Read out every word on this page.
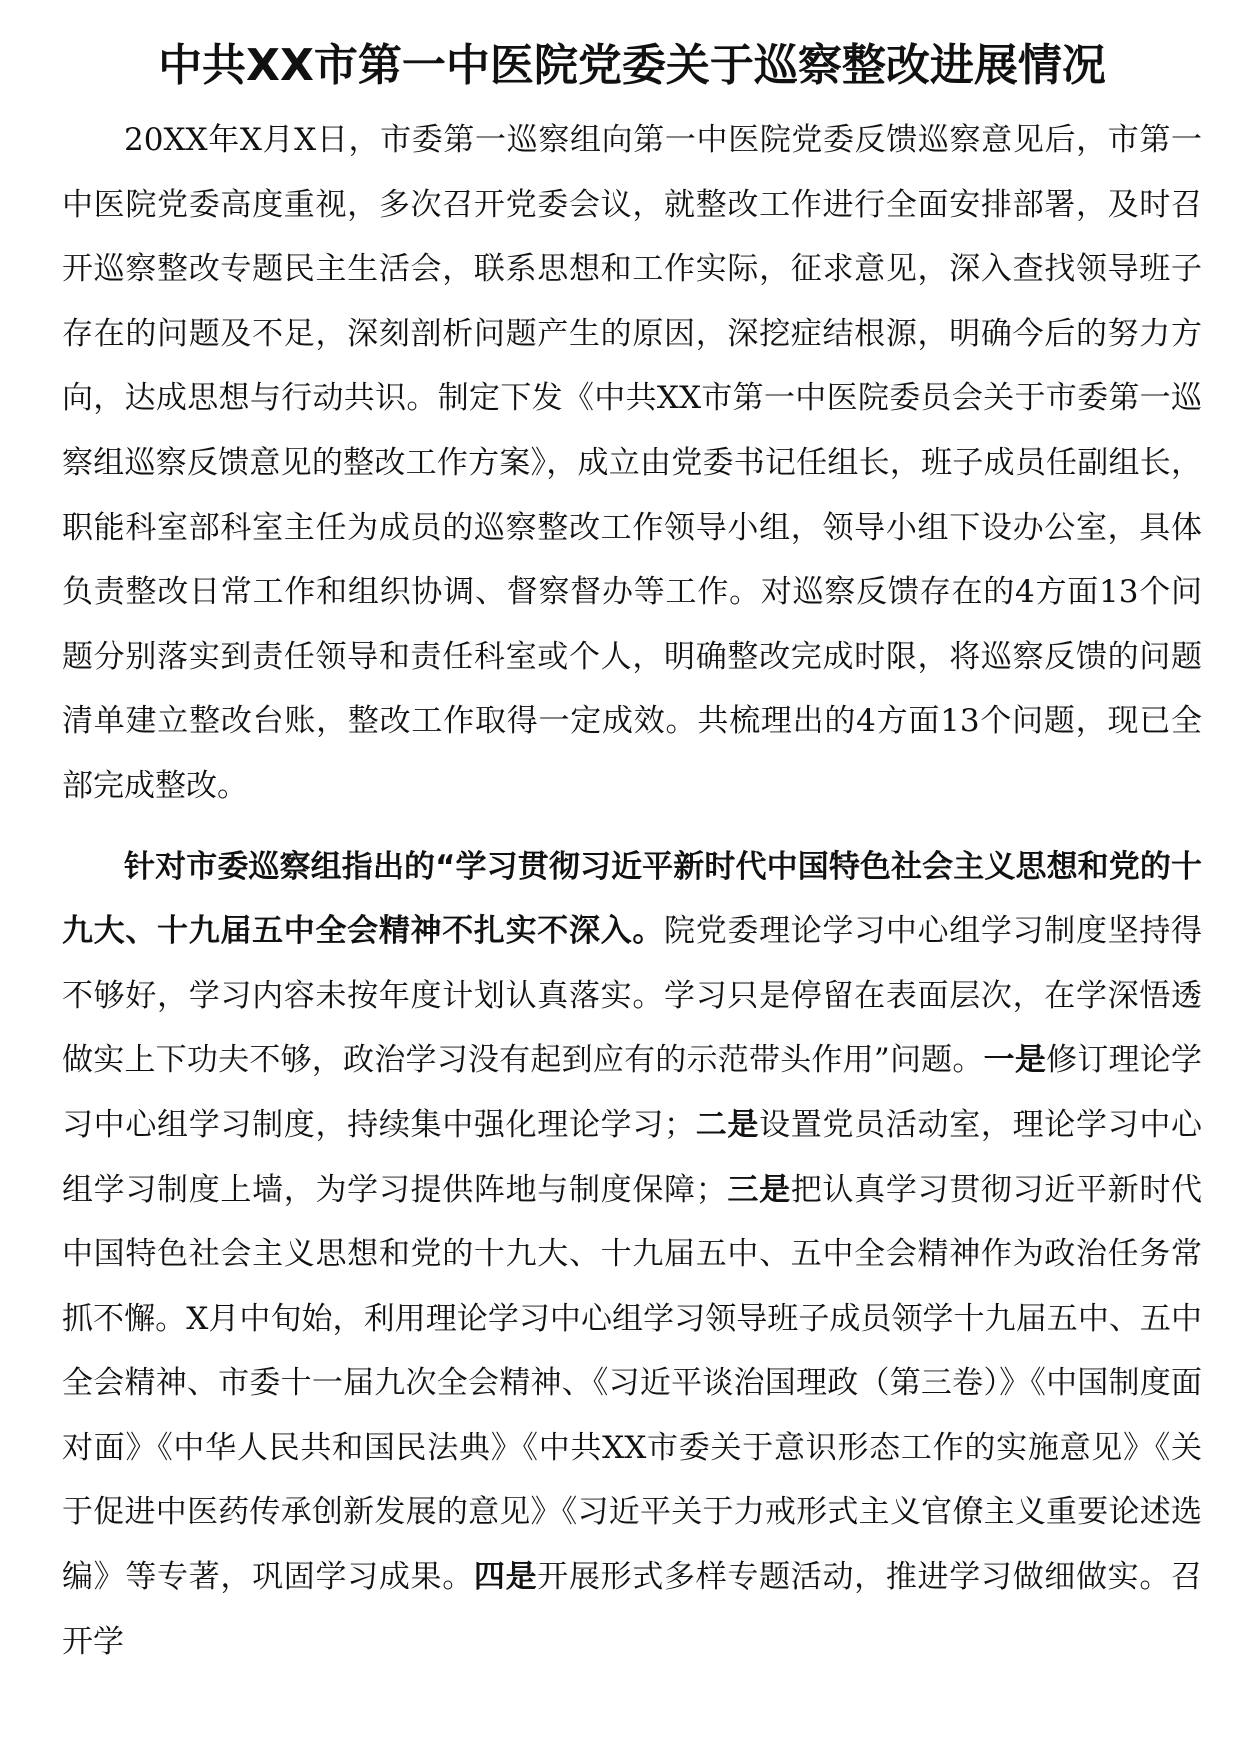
中共XX市第一中医院党委关于巡察整改进展情况

20XX年X月X日，市委第一巡察组向第一中医院党委反馈巡察意见后，市第一中医院党委高度重视，多次召开党委会议，就整改工作进行全面安排部署，及时召开巡察整改专题民主生活会，联系思想和工作实际，征求意见，深入查找领导班子存在的问题及不足，深刻剖析问题产生的原因，深挖症结根源，明确今后的努力方向，达成思想与行动共识。制定下发《中共XX市第一中医院委员会关于市委第一巡察组巡察反馈意见的整改工作方案》，成立由党委书记任组长，班子成员任副组长，职能科室部科室主任为成员的巡察整改工作领导小组，领导小组下设办公室，具体负责整改日常工作和组织协调、督察督办等工作。对巡察反馈存在的4方面13个问题分别落实到责任领导和责任科室或个人，明确整改完成时限，将巡察反馈的问题清单建立整改台账，整改工作取得一定成效。共梳理出的4方面13个问题，现已全部完成整改。

针对市委巡察组指出的“学习贯彻习近平新时代中国特色社会主义思想和党的十九大、十九届五中全会精神不扎实不深入。院党委理论学习中心组学习制度坚持得不够好，学习内容未按年度计划认真落实。学习只是停留在表面层次，在学深悟透做实上下功夫不够，政治学习没有起到应有的示范带头作用”问题。一是修订理论学习中心组学习制度，持续集中强化理论学习；二是设置党员活动室，理论学习中心组学习制度上墙，为学习提供阵地与制度保障；三是把认真学习贯彻习近平新时代中国特色社会主义思想和党的十九大、十九届五中、五中全会精神作为政治任务常抓不懈。X月中旬始，利用理论学习中心组学习领导班子成员领学十九届五中、五中全会精神、市委十一届九次全会精神、《习近平谈治国理政（第三卷）》《中国制度面对面》《中华人民共和国民法典》《中共XX市委关于意识形态工作的实施意见》《关于促进中医药传承创新发展的意见》《习近平关于力戒形式主义官僚主义重要论述选编》等专著，巩固学习成果。四是开展形式多样专题活动，推进学习做细做实。召开学
